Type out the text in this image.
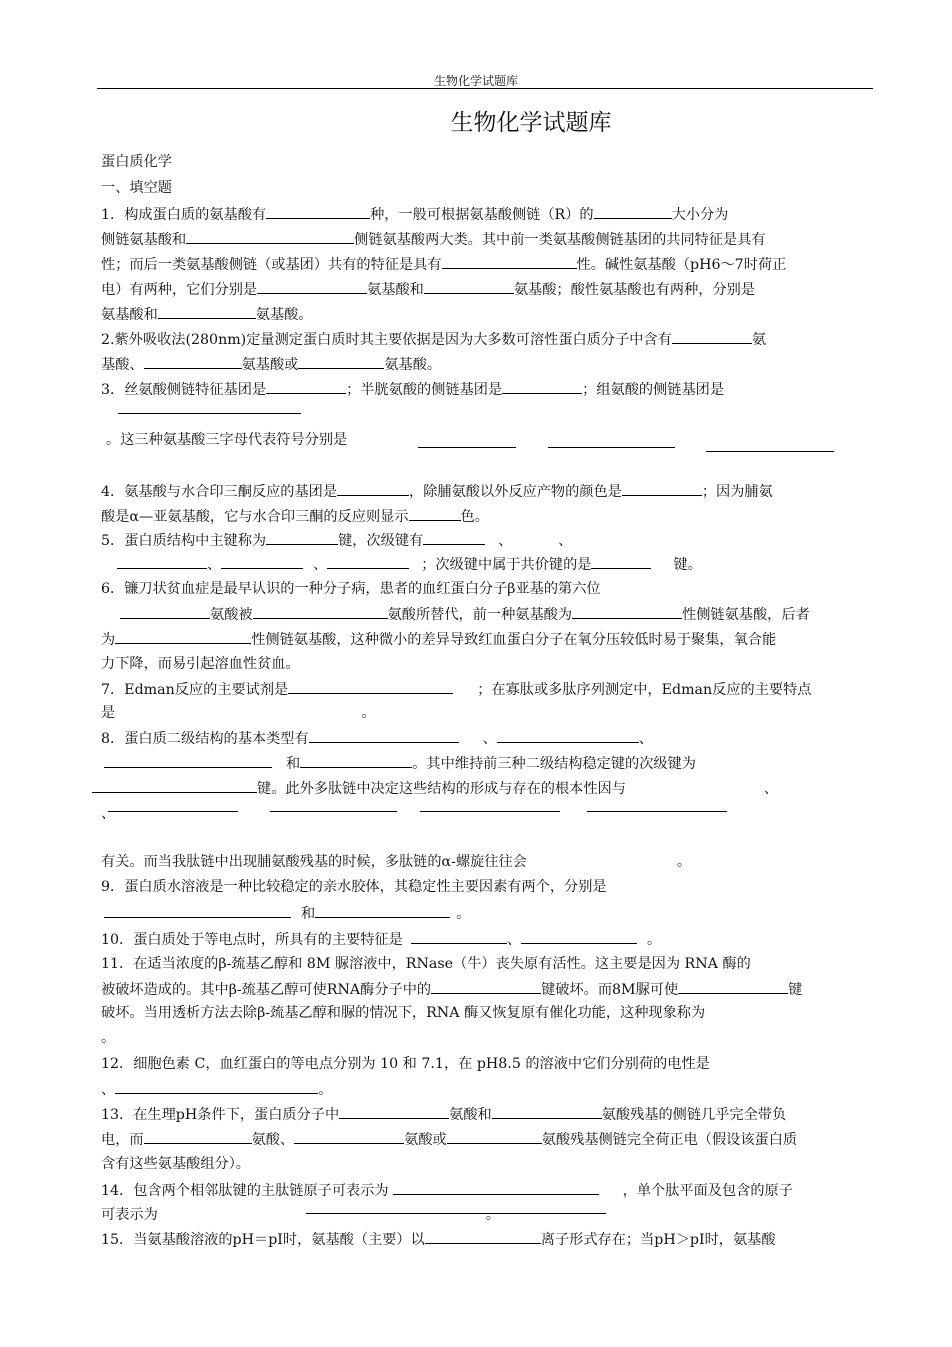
生物化学试题库
生物化学试题库
蛋白质化学
一、填空题
1．构成蛋白质的氨基酸有	种，一般可根据氨基酸侧链（R）的	大小分为
侧链氨基酸和	侧链氨基酸两大类。其中前一类氨基酸侧链基团的共同特征是具有
性；而后一类氨基酸侧链（或基团）共有的特征是具有	性。碱性氨基酸（pH6～7时荷正
电）有两种，它们分别是	氨基酸和	氨基酸；酸性氨基酸也有两种，分别是
氨基酸和	氨基酸。
2.紫外吸收法(280nm)定量测定蛋白质时其主要依据是因为大多数可溶性蛋白质分子中含有	氨
基酸、	氨基酸或	氨基酸。
3．丝氨酸侧链特征基团是	；半胱氨酸的侧链基团是	；组氨酸的侧链基团是
。这三种氨基酸三字母代表符号分别是
4．氨基酸与水合印三酮反应的基团是	，除脯氨酸以外反应产物的颜色是	；因为脯氨
酸是α—亚氨基酸，它与水合印三酮的反应则显示	色。
5．蛋白质结构中主键称为	键，次级键有	、	、
、	、	；次级键中属于共价键的是	键。
6．镰刀状贫血症是最早认识的一种分子病，患者的血红蛋白分子β亚基的第六位
氨酸被	氨酸所替代，前一种氨基酸为	性侧链氨基酸，后者
为	性侧链氨基酸，这种微小的差异导致红血蛋白分子在氧分压较低时易于聚集，氧合能
力下降，而易引起溶血性贫血。
7．Edman反应的主要试剂是	；在寡肽或多肽序列测定中，Edman反应的主要特点
是	。
8．蛋白质二级结构的基本类型有	、	、
和	。其中维持前三种二级结构稳定键的次级键为
键。此外多肽链中决定这些结构的形成与存在的根本性因与	、
、
有关。而当我肽链中出现脯氨酸残基的时候，多肽链的α-螺旋往往会	。
9．蛋白质水溶液是一种比较稳定的亲水胶体，其稳定性主要因素有两个，分别是
和	。
10．蛋白质处于等电点时，所具有的主要特征是	、	。
11．在适当浓度的β-巯基乙醇和 8M 脲溶液中，RNase（牛）丧失原有活性。这主要是因为 RNA 酶的
被破坏造成的。其中β-巯基乙醇可使RNA酶分子中的	键破坏。而8M脲可使	键
破坏。当用透析方法去除β-巯基乙醇和脲的情况下，RNA 酶又恢复原有催化功能，这种现象称为
。
12．细胞色素 C，血红蛋白的等电点分别为 10 和 7.1，在 pH8.5 的溶液中它们分别荷的电性是
、	。
13．在生理pH条件下，蛋白质分子中	氨酸和	氨酸残基的侧链几乎完全带负
电，而	氨酸、	氨酸或	氨酸残基侧链完全荷正电（假设该蛋白质
含有这些氨基酸组分）。
14．包含两个相邻肽键的主肽链原子可表示为	，单个肽平面及包含的原子
可表示为	。
15．当氨基酸溶液的pH＝pI时，氨基酸（主要）以	离子形式存在；当pH＞pI时，氨基酸
